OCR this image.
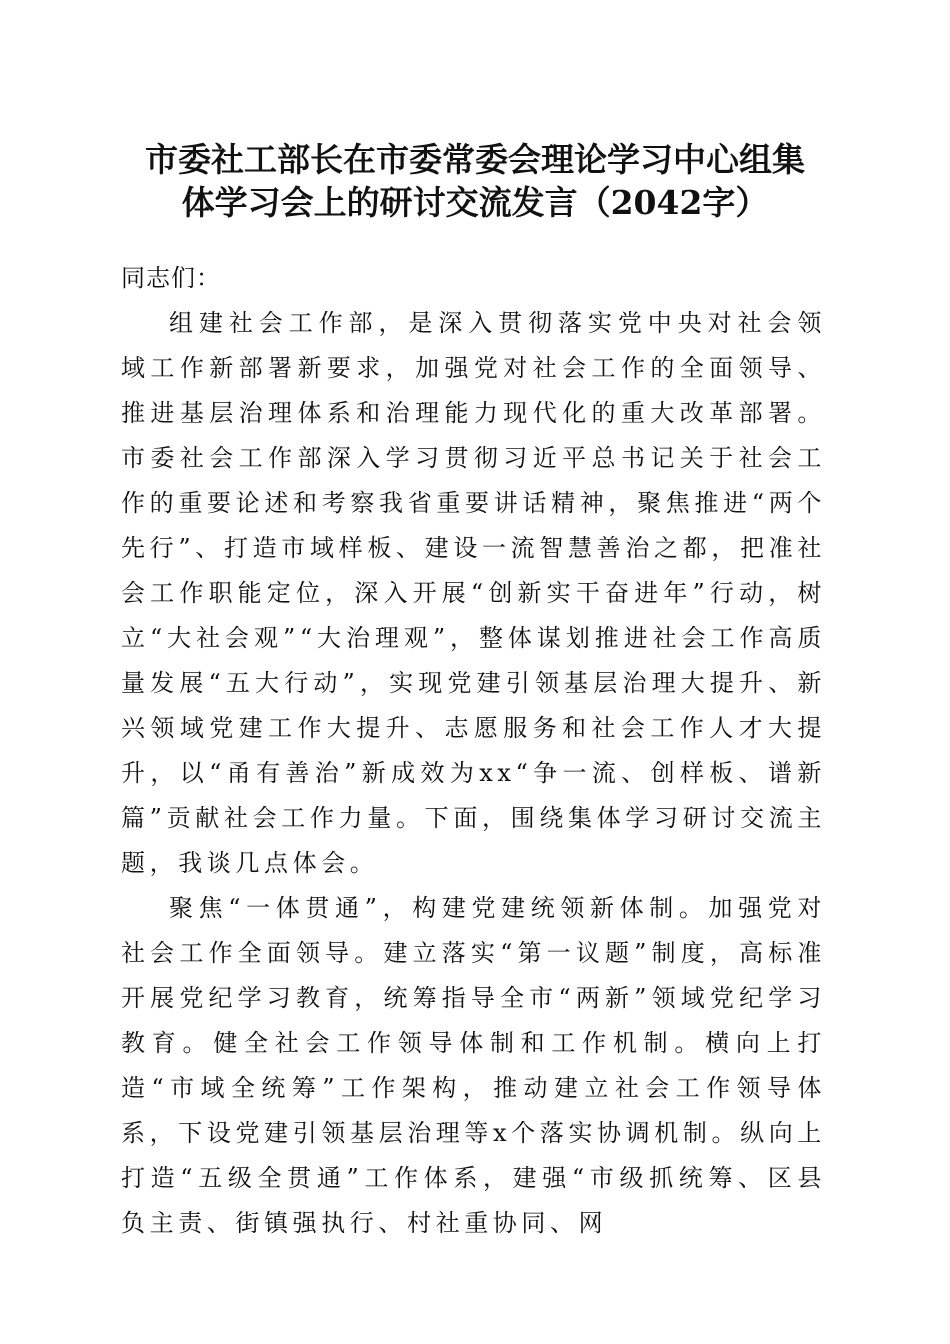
市委社工部长在市委常委会理论学习中心组集
体学习会上的研讨交流发言（2042字）

同志们：

组建社会工作部，是深入贯彻落实党中央对社会领域工作新部署新要求，加强党对社会工作的全面领导、推进基层治理体系和治理能力现代化的重大改革部署。市委社会工作部深入学习贯彻习近平总书记关于社会工作的重要论述和考察我省重要讲话精神，聚焦推进“两个先行”、打造市域样板、建设一流智慧善治之都，把准社会工作职能定位，深入开展“创新实干奋进年”行动，树立“大社会观”“大治理观”，整体谋划推进社会工作高质量发展“五大行动”，实现党建引领基层治理大提升、新兴领域党建工作大提升、志愿服务和社会工作人才大提升，以“甬有善治”新成效为xx“争一流、创样板、谱新篇”贡献社会工作力量。下面，围绕集体学习研讨交流主题，我谈几点体会。

聚焦“一体贯通”，构建党建统领新体制。加强党对社会工作全面领导。建立落实“第一议题”制度，高标准开展党纪学习教育，统筹指导全市“两新”领域党纪学习教育。健全社会工作领导体制和工作机制。横向上打造“市域全统筹”工作架构，推动建立社会工作领导体系，下设党建引领基层治理等x个落实协调机制。纵向上打造“五级全贯通”工作体系，建强“市级抓统筹、区县负主责、街镇强执行、村社重协同、网
